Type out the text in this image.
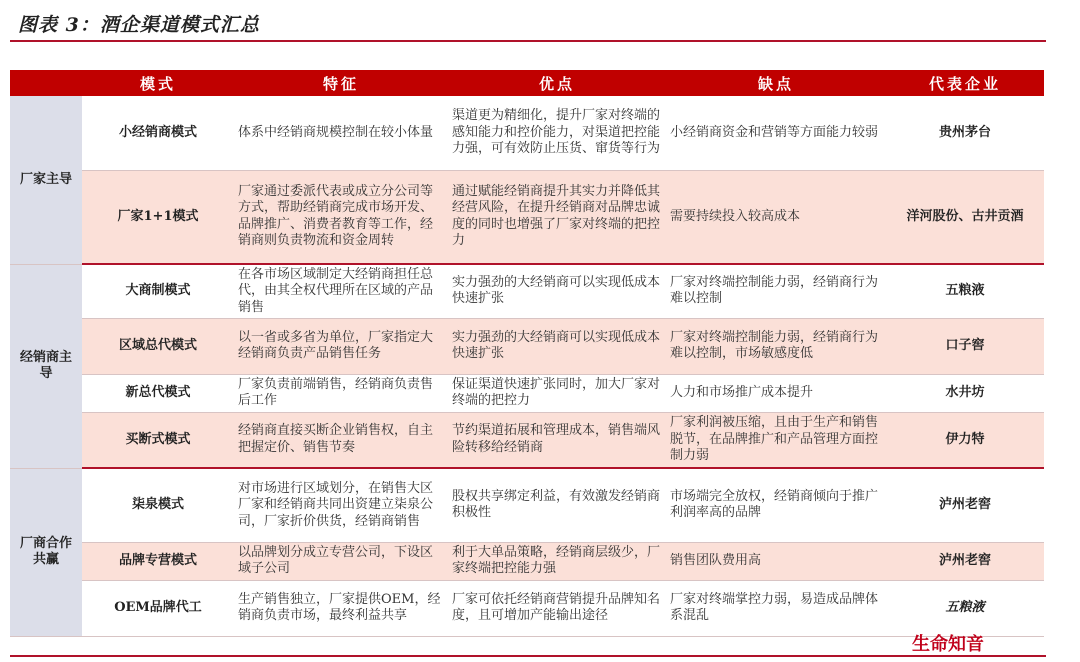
图表 3：酒企渠道模式汇总
	模式	特征	优点	缺点	代表企业
厂家主导	小经销商模式	体系中经销商规模控制在较小体量	渠道更为精细化，提升厂家对终端的感知能力和控价能力，对渠道把控能力强，可有效防止压货、窜货等行为	小经销商资金和营销等方面能力较弱	贵州茅台
	厂家1+1模式	厂家通过委派代表或成立分公司等方式，帮助经销商完成市场开发、品牌推广、消费者教育等工作，经销商则负责物流和资金周转	通过赋能经销商提升其实力并降低其经营风险，在提升经销商对品牌忠诚度的同时也增强了厂家对终端的把控力	需要持续投入较高成本	洋河股份、古井贡酒
经销商主导	大商制模式	在各市场区域制定大经销商担任总代，由其全权代理所在区域的产品销售	实力强劲的大经销商可以实现低成本快速扩张	厂家对终端控制能力弱，经销商行为难以控制	五粮液
	区域总代模式	以一省或多省为单位，厂家指定大经销商负责产品销售任务	实力强劲的大经销商可以实现低成本快速扩张	厂家对终端控制能力弱，经销商行为难以控制，市场敏感度低	口子窖
	新总代模式	厂家负责前端销售，经销商负责售后工作	保证渠道快速扩张同时，加大厂家对终端的把控力	人力和市场推广成本提升	水井坊
	买断式模式	经销商直接买断企业销售权，自主把握定价、销售节奏	节约渠道拓展和管理成本，销售端风险转移给经销商	厂家利润被压缩，且由于生产和销售脱节，在品牌推广和产品管理方面控制力弱	伊力特
厂商合作共赢	柒泉模式	对市场进行区域划分，在销售大区厂家和经销商共同出资建立柒泉公司，厂家折价供货，经销商销售	股权共享绑定利益，有效激发经销商积极性	市场端完全放权，经销商倾向于推广利润率高的品牌	泸州老窖
	品牌专营模式	以品牌划分成立专营公司，下设区域子公司	利于大单品策略，经销商层级少，厂家终端把控能力强	销售团队费用高	泸州老窖
	OEM品牌代工	生产销售独立，厂家提供OEM，经销商负责市场，最终利益共享	厂家可依托经销商营销提升品牌知名度，且可增加产能输出途径	厂家对终端掌控力弱，易造成品牌体系混乱	五粮液
生命知音
